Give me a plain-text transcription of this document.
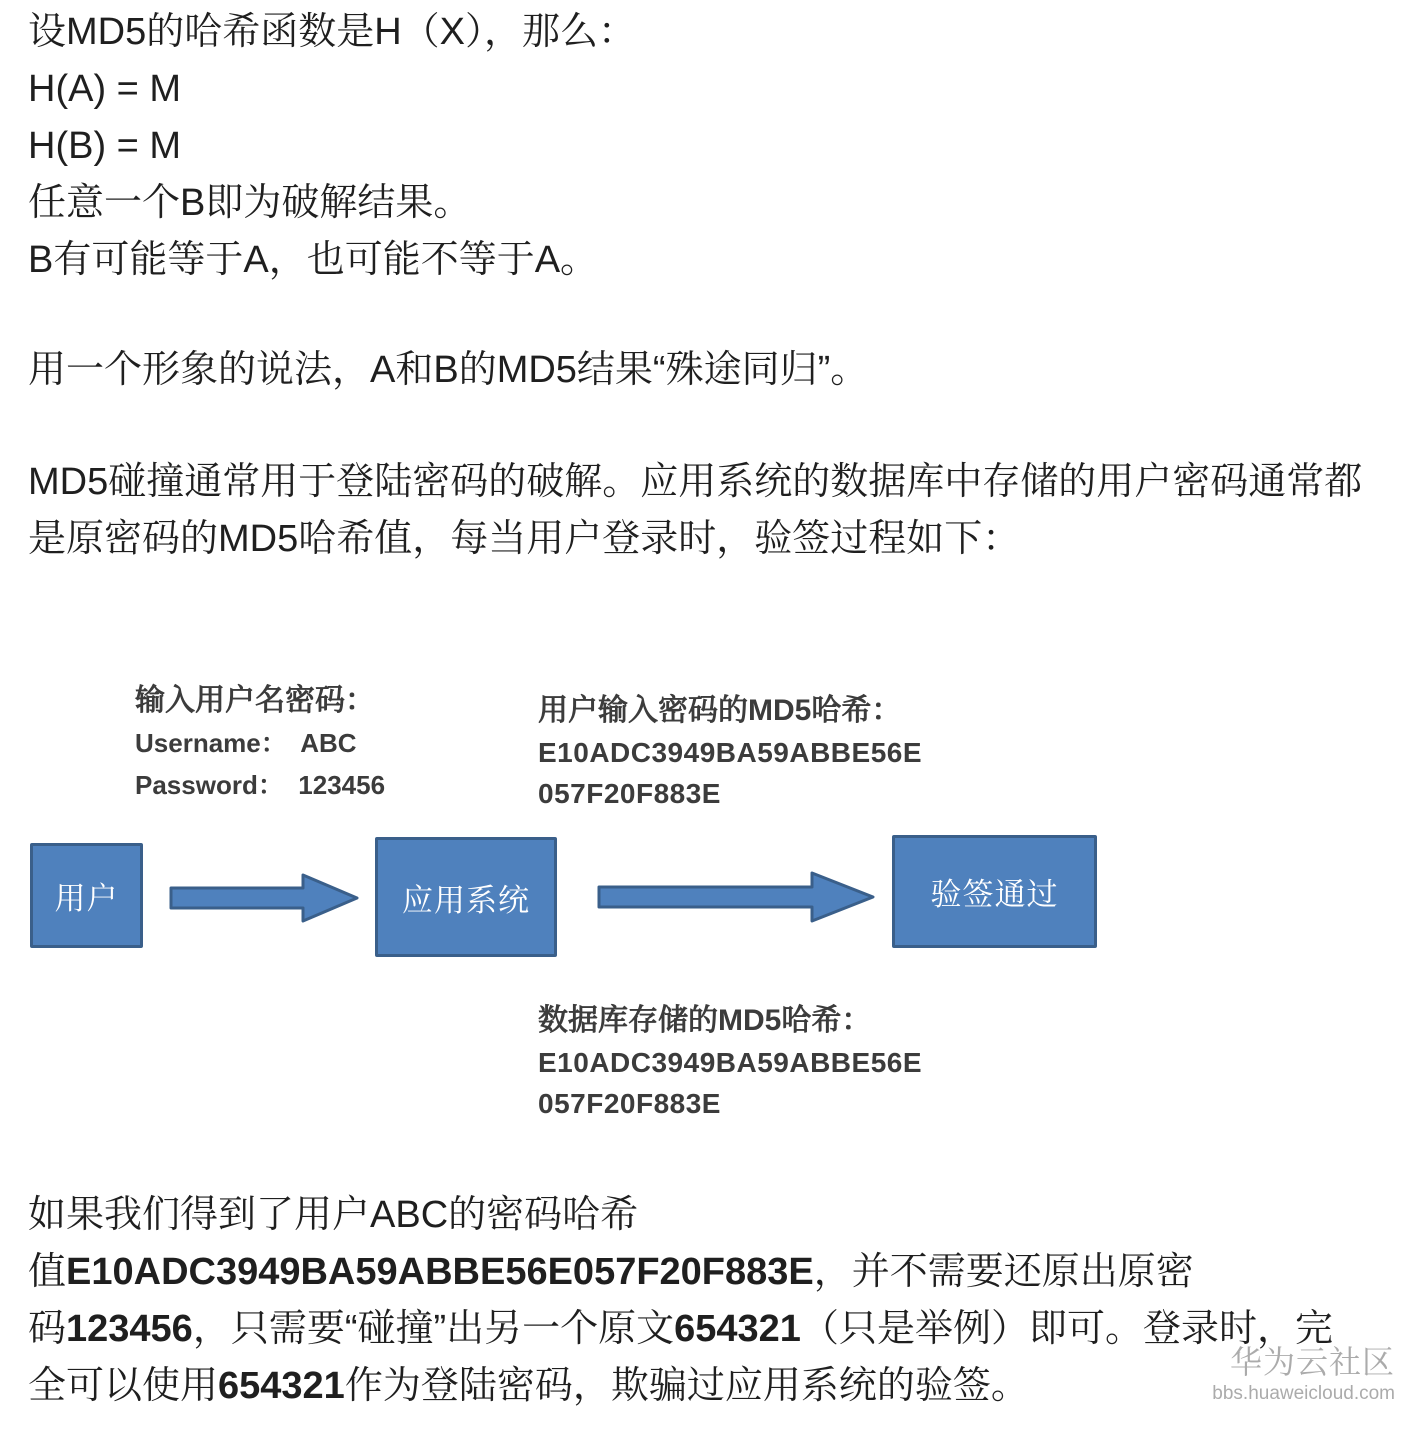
设MD5的哈希函数是H（X），那么：
H(A) = M
H(B) = M
任意一个B即为破解结果。
B有可能等于A，也可能不等于A。
用一个形象的说法，A和B的MD5结果“殊途同归”。
MD5碰撞通常用于登陆密码的破解。应用系统的数据库中存储的用户密码通常都
是原密码的MD5哈希值，每当用户登录时，验签过程如下：
输入用户名密码：
Username：  ABC
Password：  123456
用户输入密码的MD5哈希：
E10ADC3949BA59ABBE56E
057F20F883E
用户	应用系统	验签通过
数据库存储的MD5哈希：
E10ADC3949BA59ABBE56E
057F20F883E
如果我们得到了用户ABC的密码哈希
值E10ADC3949BA59ABBE56E057F20F883E，并不需要还原出原密
码123456，只需要“碰撞”出另一个原文654321（只是举例）即可。登录时，完
全可以使用654321作为登陆密码，欺骗过应用系统的验签。
华为云社区
bbs.huaweicloud.com
